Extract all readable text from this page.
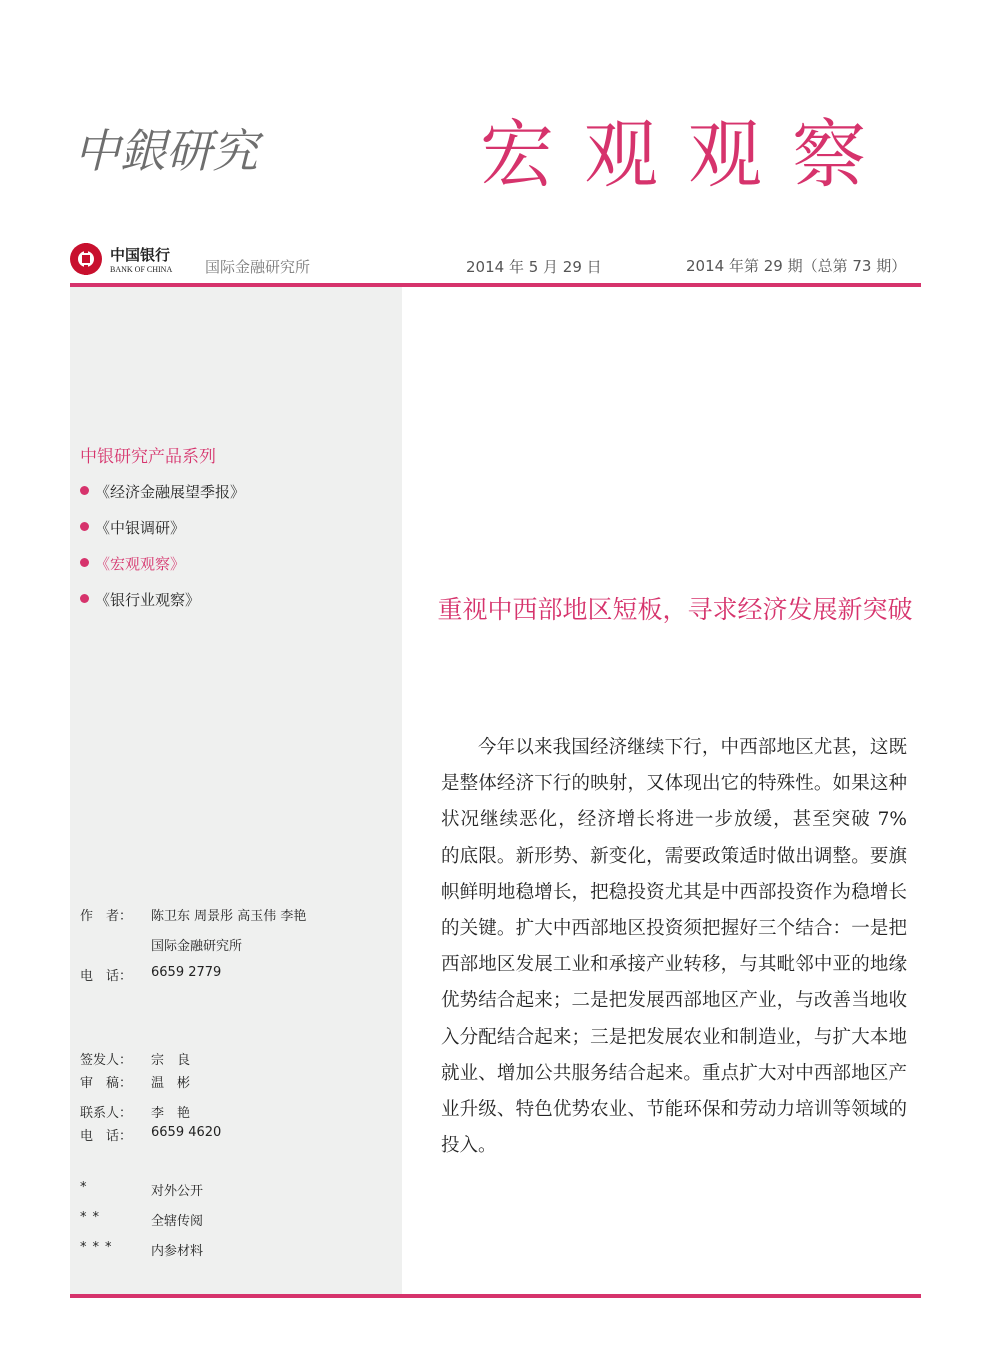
中銀研究	宏观观察
中国银行
BANK OF CHINA 国际金融研究所	2014 年 5 月 29 日	2014 年第 29 期（总第 73 期）
中银研究产品系列
《经济金融展望季报》
《中银调研》
《宏观观察》
《银行业观察》
作　者： 陈卫东 周景彤 高玉伟 李艳
国际金融研究所
电　话： 6659 2779
签发人： 宗　良
审　稿： 温　彬
联系人： 李　艳
电　话： 6659 4620
*	对外公开
**	全辖传阅
***	内参材料
重视中西部地区短板，寻求经济发展新突破

今年以来我国经济继续下行，中西部地区尤甚，这既是整体经济下行的映射，又体现出它的特殊性。如果这种状况继续恶化，经济增长将进一步放缓，甚至突破 7% 的底限。新形势、新变化，需要政策适时做出调整。要旗帜鲜明地稳增长，把稳投资尤其是中西部投资作为稳增长的关键。扩大中西部地区投资须把握好三个结合：一是把西部地区发展工业和承接产业转移，与其毗邻中亚的地缘优势结合起来；二是把发展西部地区产业，与改善当地收入分配结合起来；三是把发展农业和制造业，与扩大本地就业、增加公共服务结合起来。重点扩大对中西部地区产业升级、特色优势农业、节能环保和劳动力培训等领域的投入。
